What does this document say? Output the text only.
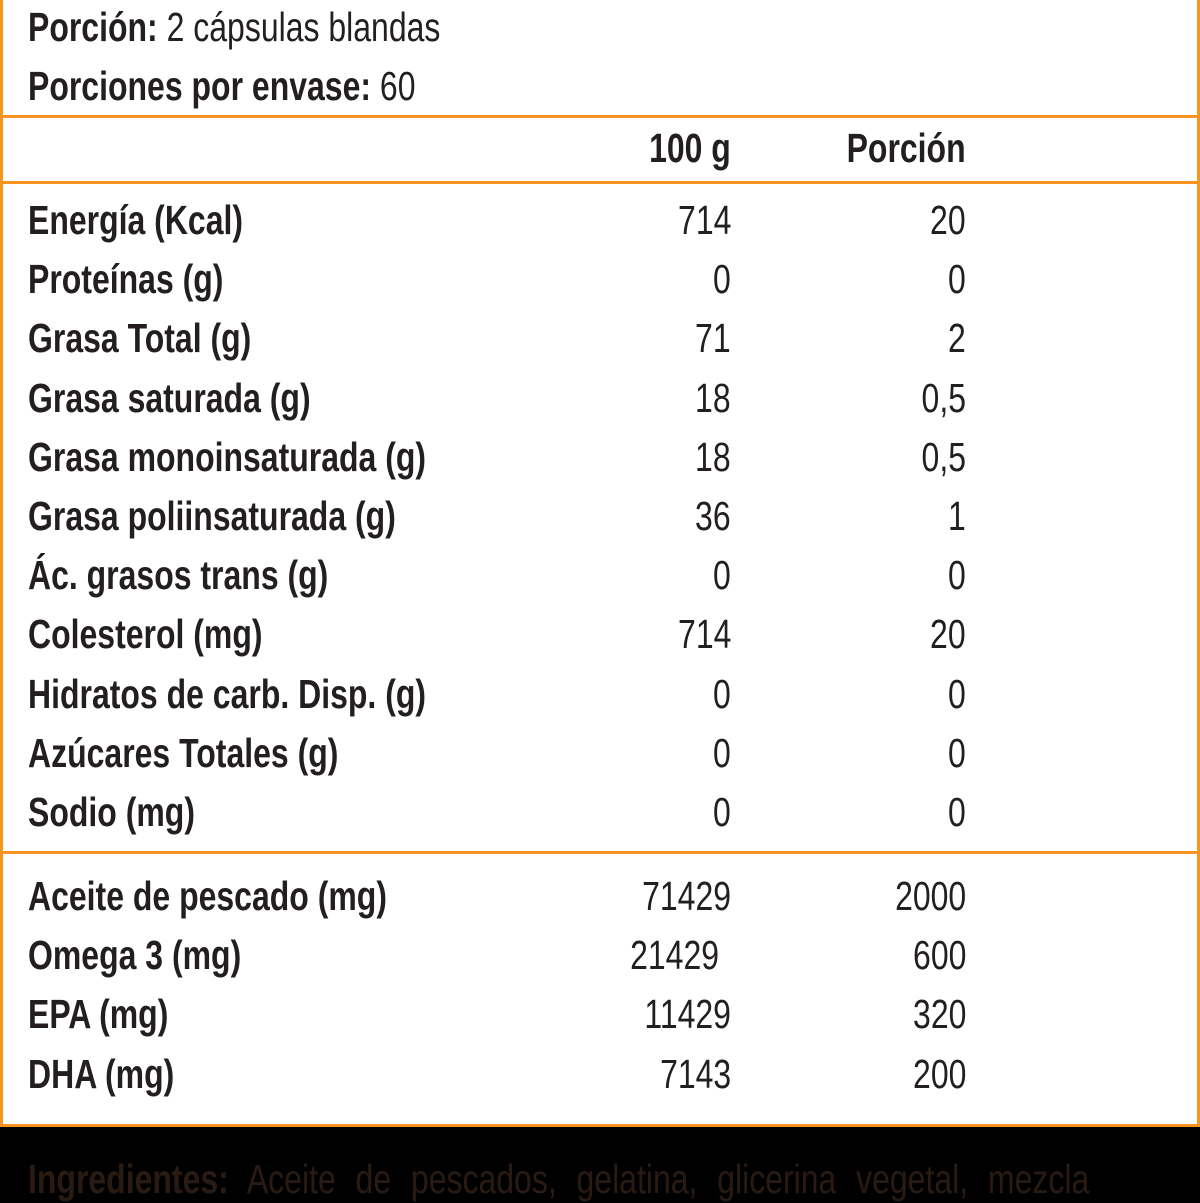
Porción: 2 cápsulas blandas
Porciones por envase: 60
100 g	Porción
Energía (Kcal)	714	20
Proteínas (g)	0	0
Grasa Total (g)	71	2
Grasa saturada (g)	18	0,5
Grasa monoinsaturada (g)	18	0,5
Grasa poliinsaturada (g)	36	1
Ác. grasos trans (g)	0	0
Colesterol (mg)	714	20
Hidratos de carb. Disp. (g)	0	0
Azúcares Totales (g)	0	0
Sodio (mg)	0	0
Aceite de pescado (mg)	71429	2000
Omega 3 (mg)	21429	600
EPA (mg)	11429	320
DHA (mg)	7143	200
Ingredientes: Aceite de pescados, gelatina, glicerina vegetal, mezcla
